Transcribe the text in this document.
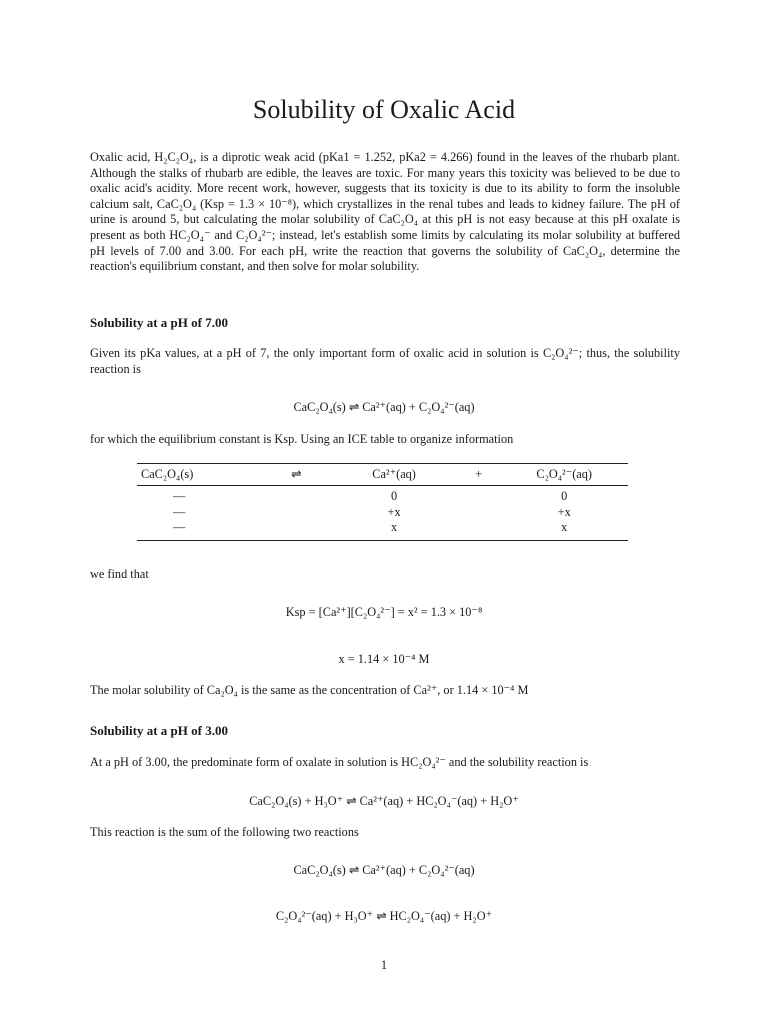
Solubility of Oxalic Acid

Oxalic acid, H₂C₂O₄, is a diprotic weak acid (pKa1 = 1.252, pKa2 = 4.266) found in the leaves of the rhubarb plant. Although the stalks of rhubarb are edible, the leaves are toxic. For many years this toxicity was believed to be due to oxalic acid's acidity. More recent work, however, suggests that its toxicity is due to its ability to form the insoluble calcium salt, CaC₂O₄ (Ksp = 1.3 × 10⁻⁸), which crystallizes in the renal tubes and leads to kidney failure. The pH of urine is around 5, but calculating the molar solubility of CaC₂O₄ at this pH is not easy because at this pH oxalate is present as both HC₂O₄⁻ and C₂O₄²⁻; instead, let's establish some limits by calculating its molar solubility at buffered pH levels of 7.00 and 3.00. For each pH, write the reaction that governs the solubility of CaC₂O₄, determine the reaction's equilibrium constant, and then solve for molar solubility.

Solubility at a pH of 7.00

Given its pKa values, at a pH of 7, the only important form of oxalic acid in solution is C₂O₄²⁻; thus, the solubility reaction is

CaC₂O₄(s) ⇌ Ca²⁺(aq) + C₂O₄²⁻(aq)

for which the equilibrium constant is Ksp. Using an ICE table to organize information

CaC₂O₄(s)	⇌	Ca²⁺(aq)	+	C₂O₄²⁻(aq)
—		0		0
—		+x		+x
—		x		x

we find that

Ksp = [Ca²⁺][C₂O₄²⁻] = x² = 1.3 × 10⁻⁸

x = 1.14 × 10⁻⁴ M

The molar solubility of Ca₂O₄ is the same as the concentration of Ca²⁺, or 1.14 × 10⁻⁴ M

Solubility at a pH of 3.00

At a pH of 3.00, the predominate form of oxalate in solution is HC₂O₄²⁻ and the solubility reaction is

CaC₂O₄(s) + H₃O⁺ ⇌ Ca²⁺(aq) + HC₂O₄⁻(aq) + H₂O⁺

This reaction is the sum of the following two reactions

CaC₂O₄(s) ⇌ Ca²⁺(aq) + C₂O₄²⁻(aq)

C₂O₄²⁻(aq) + H₃O⁺ ⇌ HC₂O₄⁻(aq) + H₂O⁺

1
